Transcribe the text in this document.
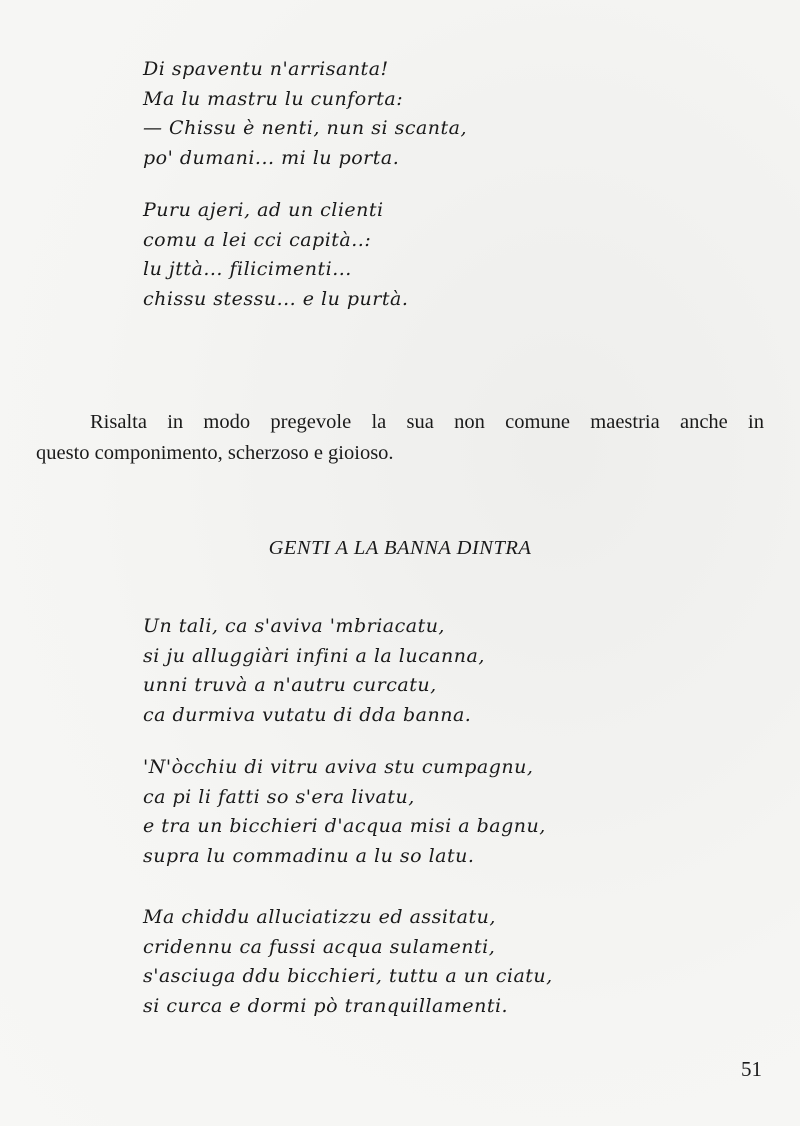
Di spaventu n'arrisanta!
Ma lu mastru lu cunforta:
— Chissu è nenti, nun si scanta,
po' dumani... mi lu porta.
Puru ajeri, ad un clienti
comu a lei cci capità..:
lu jttà... filicimenti...
chissu stessu... e lu purtà.
Risalta in modo pregevole la sua non comune maestria anche in
questo componimento, scherzoso e gioioso.
GENTI A LA BANNA DINTRA
Un tali, ca s'aviva 'mbriacatu,
si ju alluggiàri infini a la lucanna,
unni truvà a n'autru curcatu,
ca durmiva vutatu di dda banna.
'N'òcchiu di vitru aviva stu cumpagnu,
ca pi li fatti so s'era livatu,
e tra un bicchieri d'acqua misi a bagnu,
supra lu commadinu a lu so latu.
Ma chiddu alluciatizzu ed assitatu,
cridennu ca fussi acqua sulamenti,
s'asciuga ddu bicchieri, tuttu a un ciatu,
si curca e dormi pò tranquillamenti.
51
